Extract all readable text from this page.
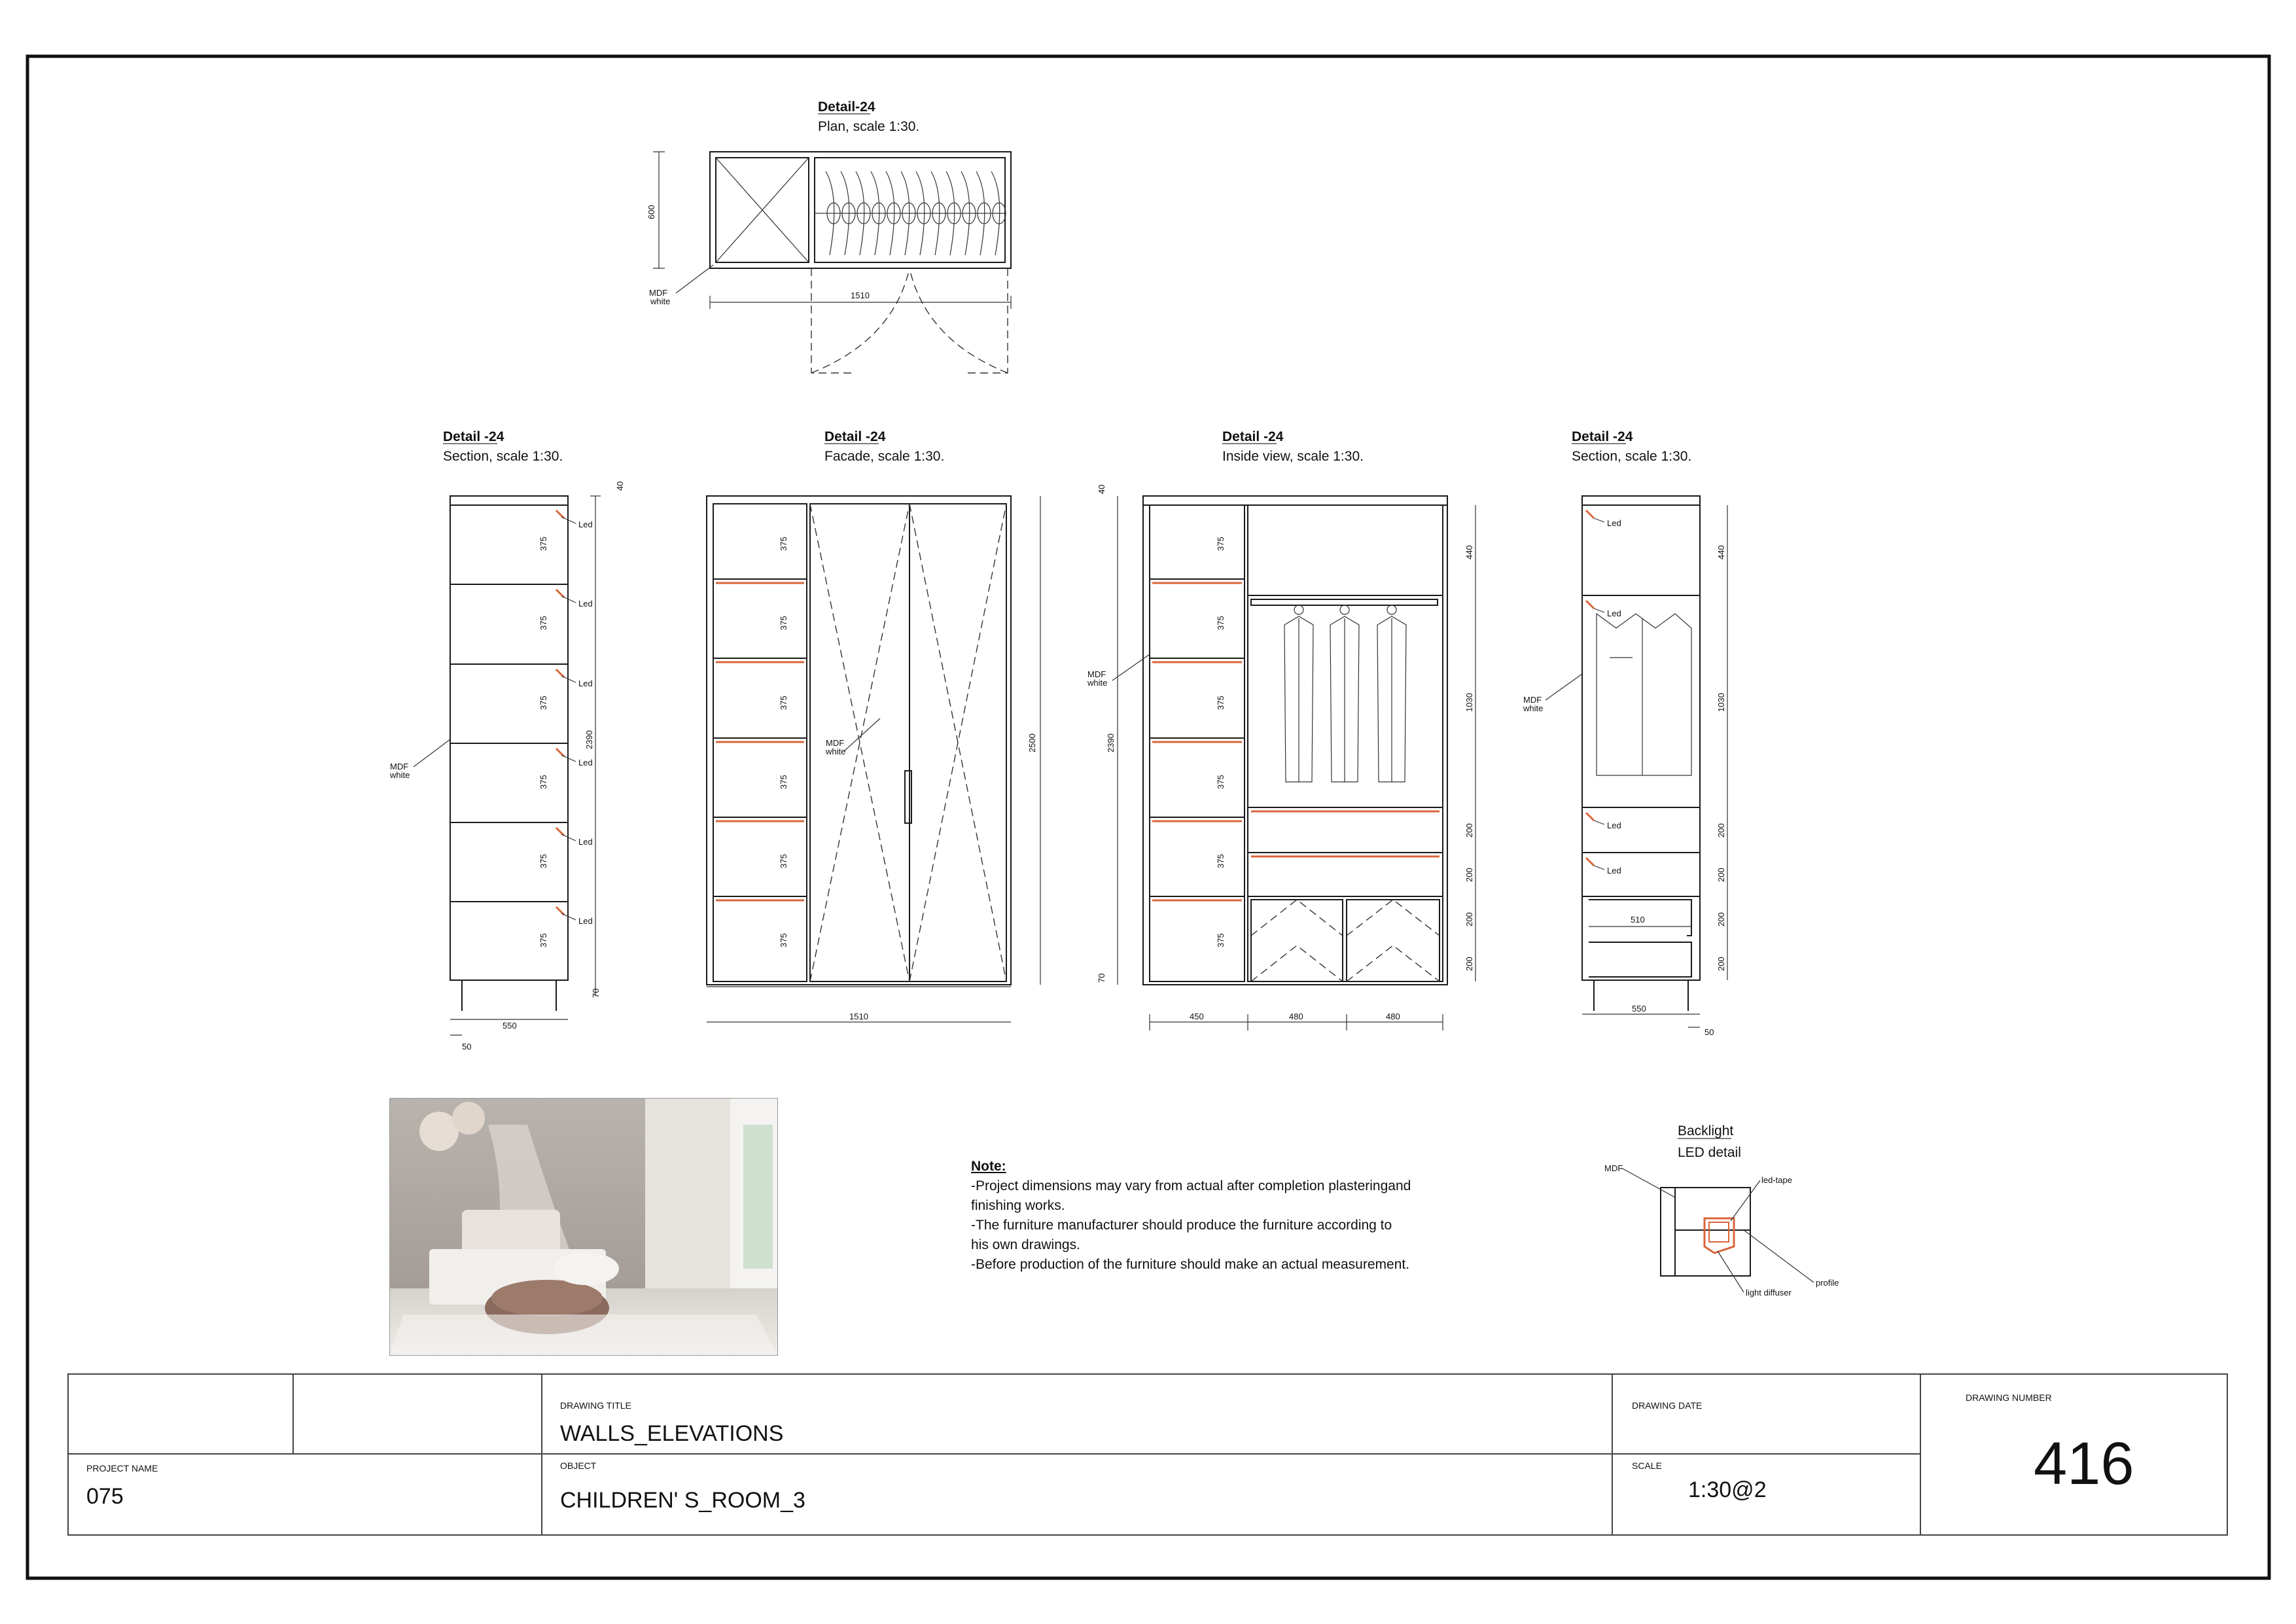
Detail-24
Plan, scale 1:30.
600
1510
MDF
white
Detail -24
Section, scale 1:30.
Led
375
Led
375
Led
375
Led
375
Led
375
Led
375
2390
40
70
550
50
MDF
white
Detail -24
Facade, scale 1:30.
375
375
375
375
375
375
1510
2500
MDF
white
Detail -24
Inside view, scale 1:30.
375
375
375
375
375
375
2390
40
70
440
1030
200
200
200
200
450	480	480
MDF
white
Detail -24
Section, scale 1:30.
Led
Led
Led
Led
440
1030
200
200
200
200
510
550
50
MDF
white
Backlight
LED detail
MDF
led-tape
profile
light diffuser
Note:
-Project dimensions may vary from actual after completion plasteringand
finishing works.
-The furniture manufacturer should produce the furniture according to
his own drawings.
-Before production of the furniture should make an actual measurement.
DRAWING TITLE
WALLS_ELEVATIONS
DRAWING DATE
DRAWING NUMBER
416
PROJECT NAME
075
OBJECT
CHILDREN' S_ROOM_3
SCALE
1:30@2
